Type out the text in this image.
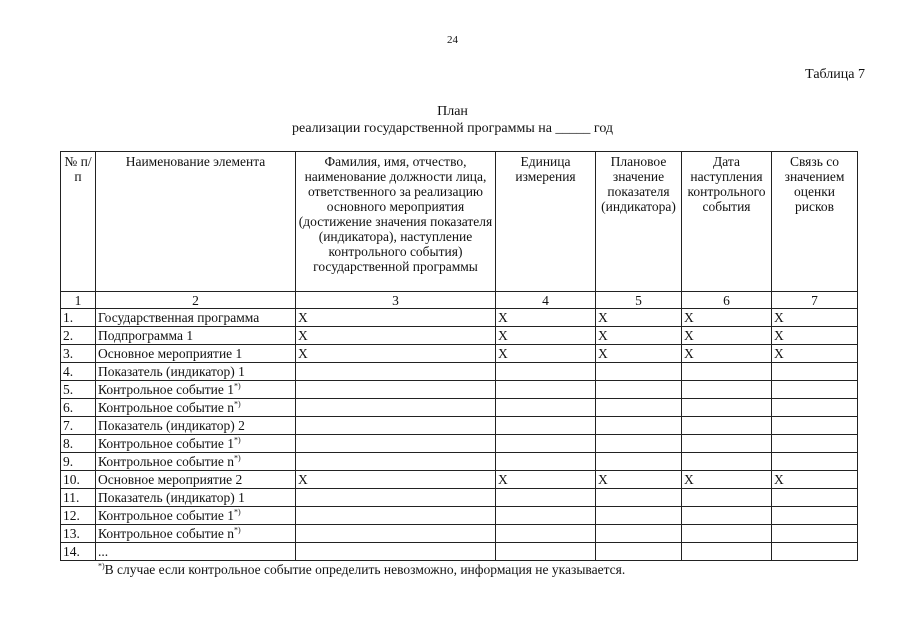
24
Таблица 7
План
реализации государственной программы на _____ год
№ п/п	Наименование элемента	Фамилия, имя, отчество, наименование должности лица, ответственного за реализацию основного мероприятия (достижение значения показателя (индикатора), наступление контрольного события) государственной программы	Единица измерения	Плановое значение показателя (индикатора)	Дата наступления контрольного события	Связь со значением оценки рисков
1	2	3	4	5	6	7
1.	Государственная программа	X	X	X	X	X
2.	Подпрограмма 1	X	X	X	X	X
3.	Основное мероприятие 1	X	X	X	X	X
4.	Показатель (индикатор) 1					
5.	Контрольное событие 1*)					
6.	Контрольное событие n*)					
7.	Показатель (индикатор) 2					
8.	Контрольное событие 1*)					
9.	Контрольное событие n*)					
10.	Основное мероприятие 2	X	X	X	X	X
11.	Показатель (индикатор) 1					
12.	Контрольное событие 1*)					
13.	Контрольное событие n*)					
14.	...					
*)В случае если контрольное событие определить невозможно, информация не указывается.
